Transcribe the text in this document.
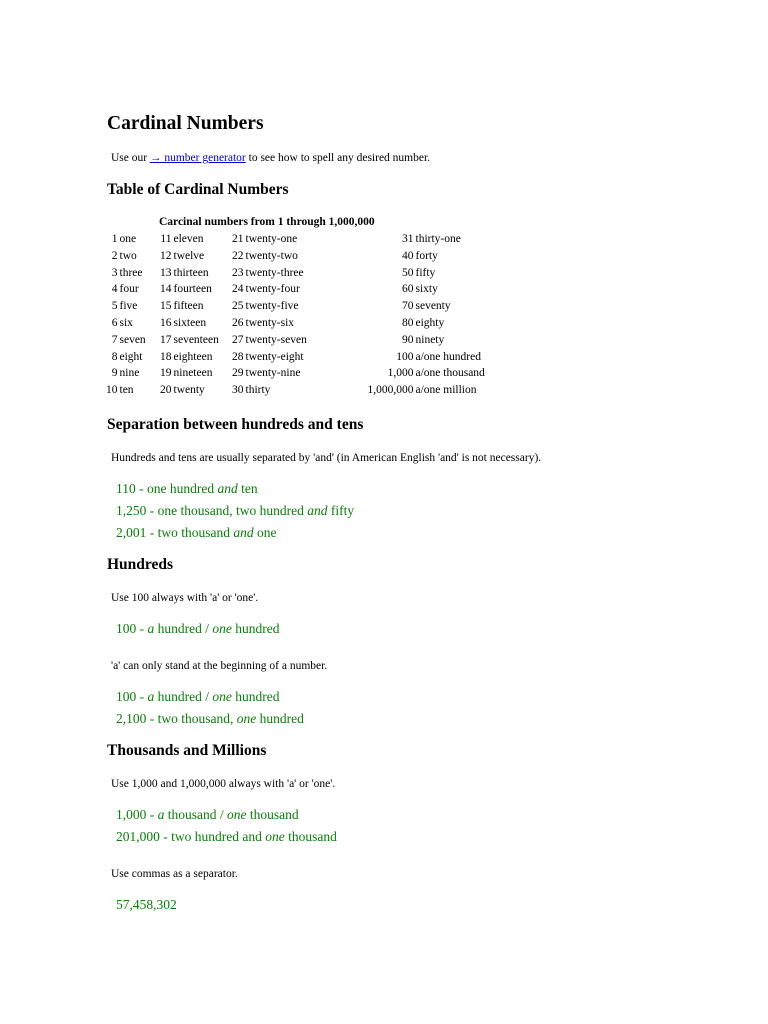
Cardinal Numbers

Use our → number generator to see how to spell any desired number.

Table of Cardinal Numbers
Carcinal numbers from 1 through 1,000,000
1	one	11	eleven	21	twenty-one	31	thirty-one
2	two	12	twelve	22	twenty-two	40	forty
3	three	13	thirteen	23	twenty-three	50	fifty
4	four	14	fourteen	24	twenty-four	60	sixty
5	five	15	fifteen	25	twenty-five	70	seventy
6	six	16	sixteen	26	twenty-six	80	eighty
7	seven	17	seventeen	27	twenty-seven	90	ninety
8	eight	18	eighteen	28	twenty-eight	100	a/one hundred
9	nine	19	nineteen	29	twenty-nine	1,000	a/one thousand
10	ten	20	twenty	30	thirty	1,000,000	a/one million
Separation between hundreds and tens

Hundreds and tens are usually separated by 'and' (in American English 'and' is not necessary).

110 - one hundred and ten
1,250 - one thousand, two hundred and fifty
2,001 - two thousand and one
Hundreds

Use 100 always with 'a' or 'one'.

100 - a hundred / one hundred

'a' can only stand at the beginning of a number.

100 - a hundred / one hundred
2,100 - two thousand, one hundred
Thousands and Millions

Use 1,000 and 1,000,000 always with 'a' or 'one'.

1,000 - a thousand / one thousand
201,000 - two hundred and one thousand

Use commas as a separator.

57,458,302
